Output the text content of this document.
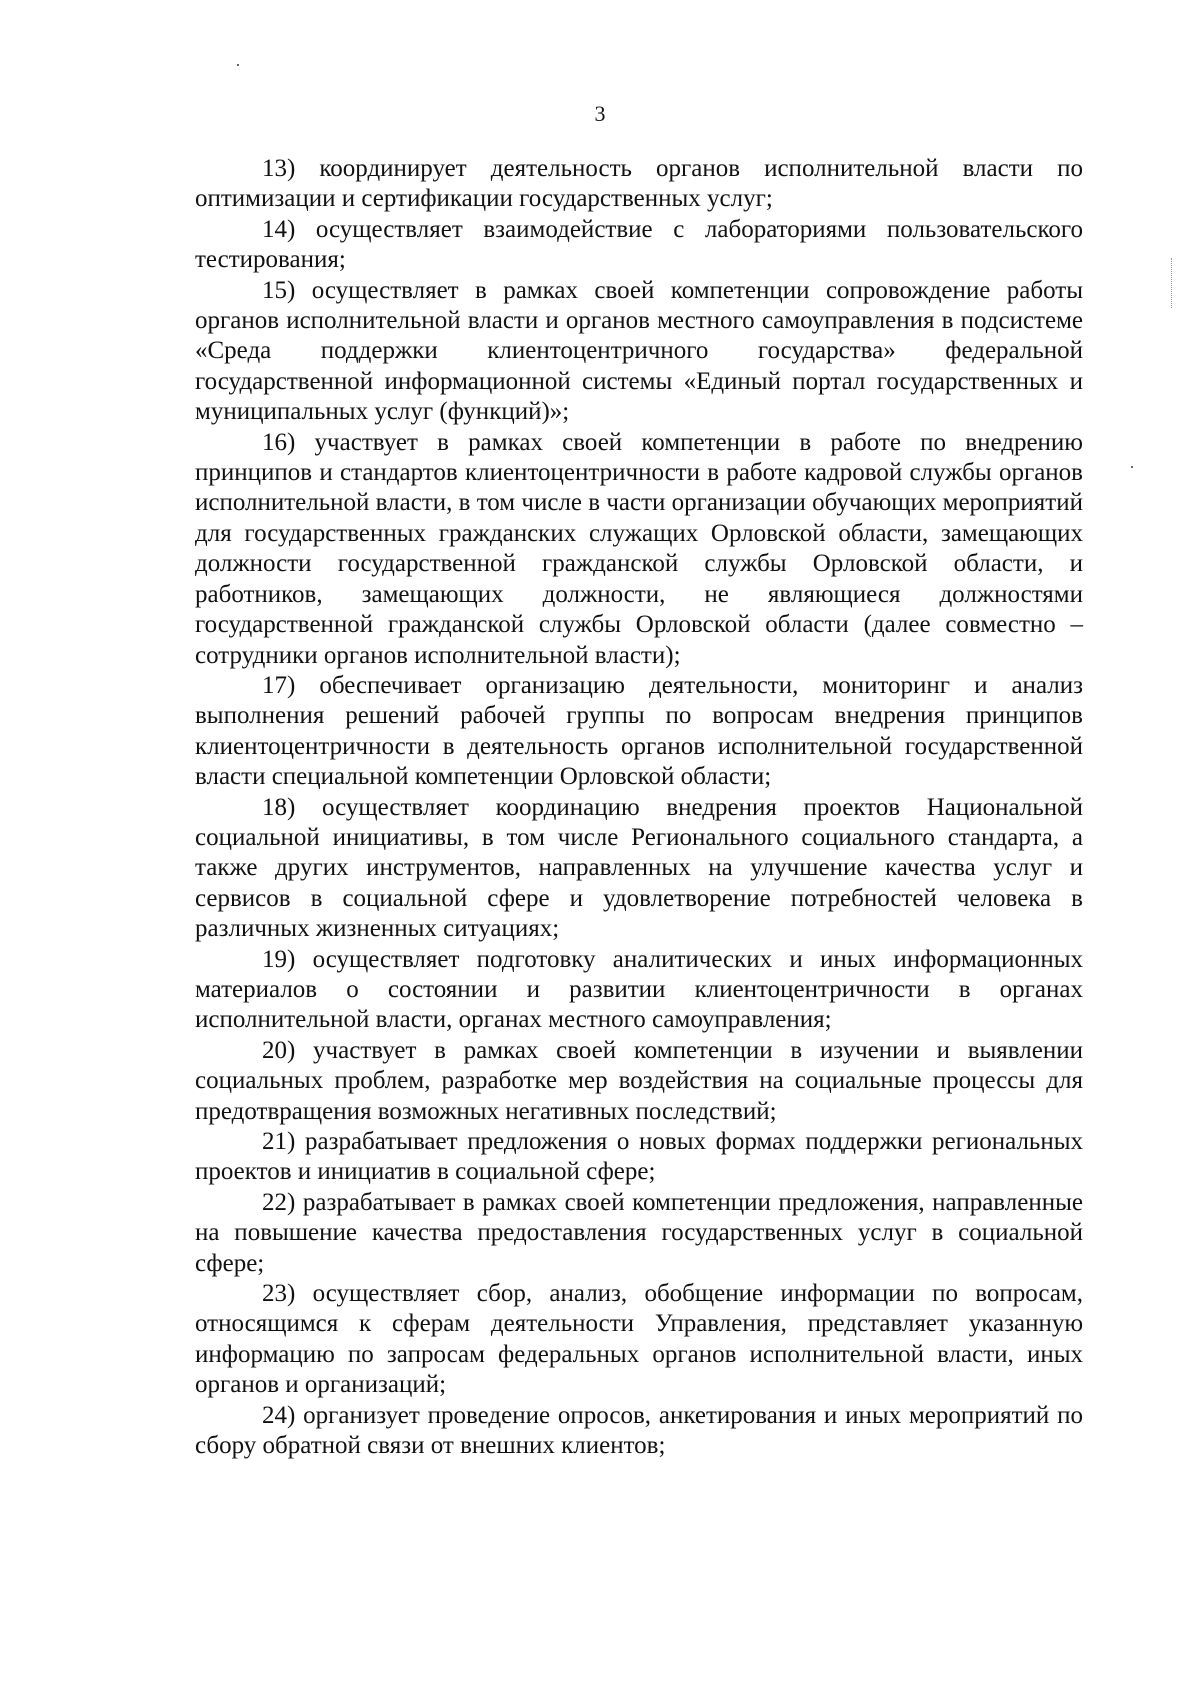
3

13) координирует деятельность органов исполнительной власти по оптимизации и сертификации государственных услуг;

14) осуществляет взаимодействие с лабораториями пользовательского тестирования;

15) осуществляет в рамках своей компетенции сопровождение работы органов исполнительной власти и органов местного самоуправления в подсистеме «Среда поддержки клиентоцентричного государства» федеральной государственной информационной системы «Единый портал государственных и муниципальных услуг (функций)»;

16) участвует в рамках своей компетенции в работе по внедрению принципов и стандартов клиентоцентричности в работе кадровой службы органов исполнительной власти, в том числе в части организации обучающих мероприятий для государственных гражданских служащих Орловской области, замещающих должности государственной гражданской службы Орловской области, и работников, замещающих должности, не являющиеся должностями государственной гражданской службы Орловской области (далее совместно – сотрудники органов исполнительной власти);

17) обеспечивает организацию деятельности, мониторинг и анализ выполнения решений рабочей группы по вопросам внедрения принципов клиентоцентричности в деятельность органов исполнительной государственной власти специальной компетенции Орловской области;

18) осуществляет координацию внедрения проектов Национальной социальной инициативы, в том числе Регионального социального стандарта, а также других инструментов, направленных на улучшение качества услуг и сервисов в социальной сфере и удовлетворение потребностей человека в различных жизненных ситуациях;

19) осуществляет подготовку аналитических и иных информационных материалов о состоянии и развитии клиентоцентричности в органах исполнительной власти, органах местного самоуправления;

20) участвует в рамках своей компетенции в изучении и выявлении социальных проблем, разработке мер воздействия на социальные процессы для предотвращения возможных негативных последствий;

21) разрабатывает предложения о новых формах поддержки региональных проектов и инициатив в социальной сфере;

22) разрабатывает в рамках своей компетенции предложения, направленные на повышение качества предоставления государственных услуг в социальной сфере;

23) осуществляет сбор, анализ, обобщение информации по вопросам, относящимся к сферам деятельности Управления, представляет указанную информацию по запросам федеральных органов исполнительной власти, иных органов и организаций;

24) организует проведение опросов, анкетирования и иных мероприятий по сбору обратной связи от внешних клиентов;
